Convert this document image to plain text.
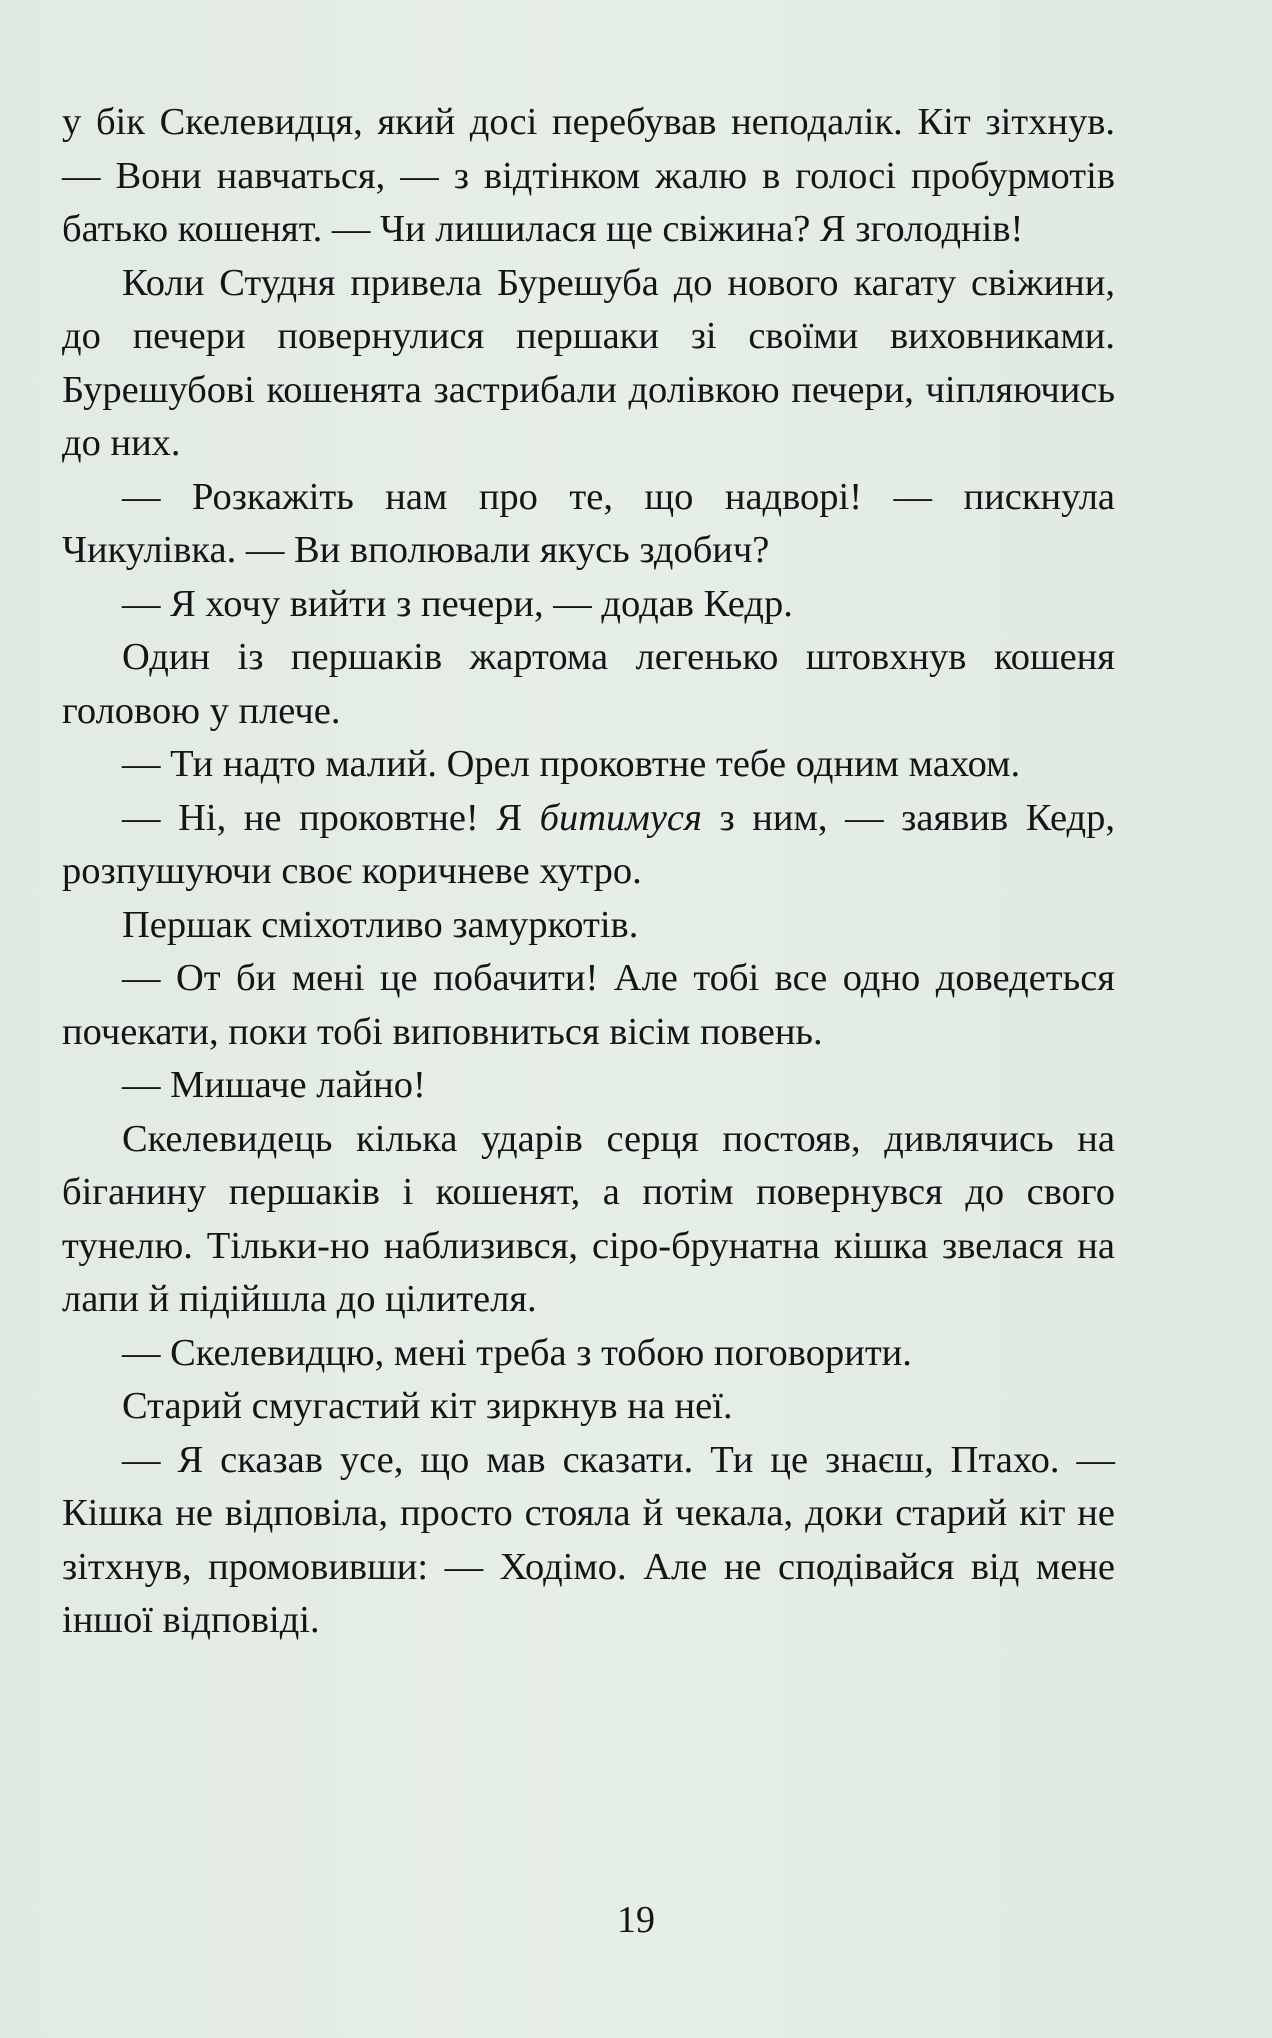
у бік Скелевидця, який досі перебував неподалік. Кіт зітхнув. — Вони навчаться, — з відтінком жалю в голосі пробурмотів батько кошенят. — Чи лишилася ще свіжина? Я зголоднів!

Коли Студня привела Бурешуба до нового кагату свіжини, до печери повернулися першаки зі своїми виховниками. Бурешубові кошенята застрибали долівкою печери, чіпляючись до них.

— Розкажіть нам про те, що надворі! — пискнула Чикулівка. — Ви вполювали якусь здобич?

— Я хочу вийти з печери, — додав Кедр.

Один із першаків жартома легенько штовхнув кошеня головою у плече.

— Ти надто малий. Орел проковтне тебе одним махом.

— Ні, не проковтне! Я битимуся з ним, — заявив Кедр, розпушуючи своє коричневе хутро.

Першак сміхотливо замуркотів.

— От би мені це побачити! Але тобі все одно доведеться почекати, поки тобі виповниться вісім повень.

— Мишаче лайно!

Скелевидець кілька ударів серця постояв, дивлячись на біганину першаків і кошенят, а потім повернувся до свого тунелю. Тільки-но наблизився, сіро-брунатна кішка звелася на лапи й підійшла до цілителя.

— Скелевидцю, мені треба з тобою поговорити.

Старий смугастий кіт зиркнув на неї.

— Я сказав усе, що мав сказати. Ти це знаєш, Птахо. — Кішка не відповіла, просто стояла й чекала, доки старий кіт не зітхнув, промовивши: — Ходімо. Але не сподівайся від мене іншої відповіді.

19
